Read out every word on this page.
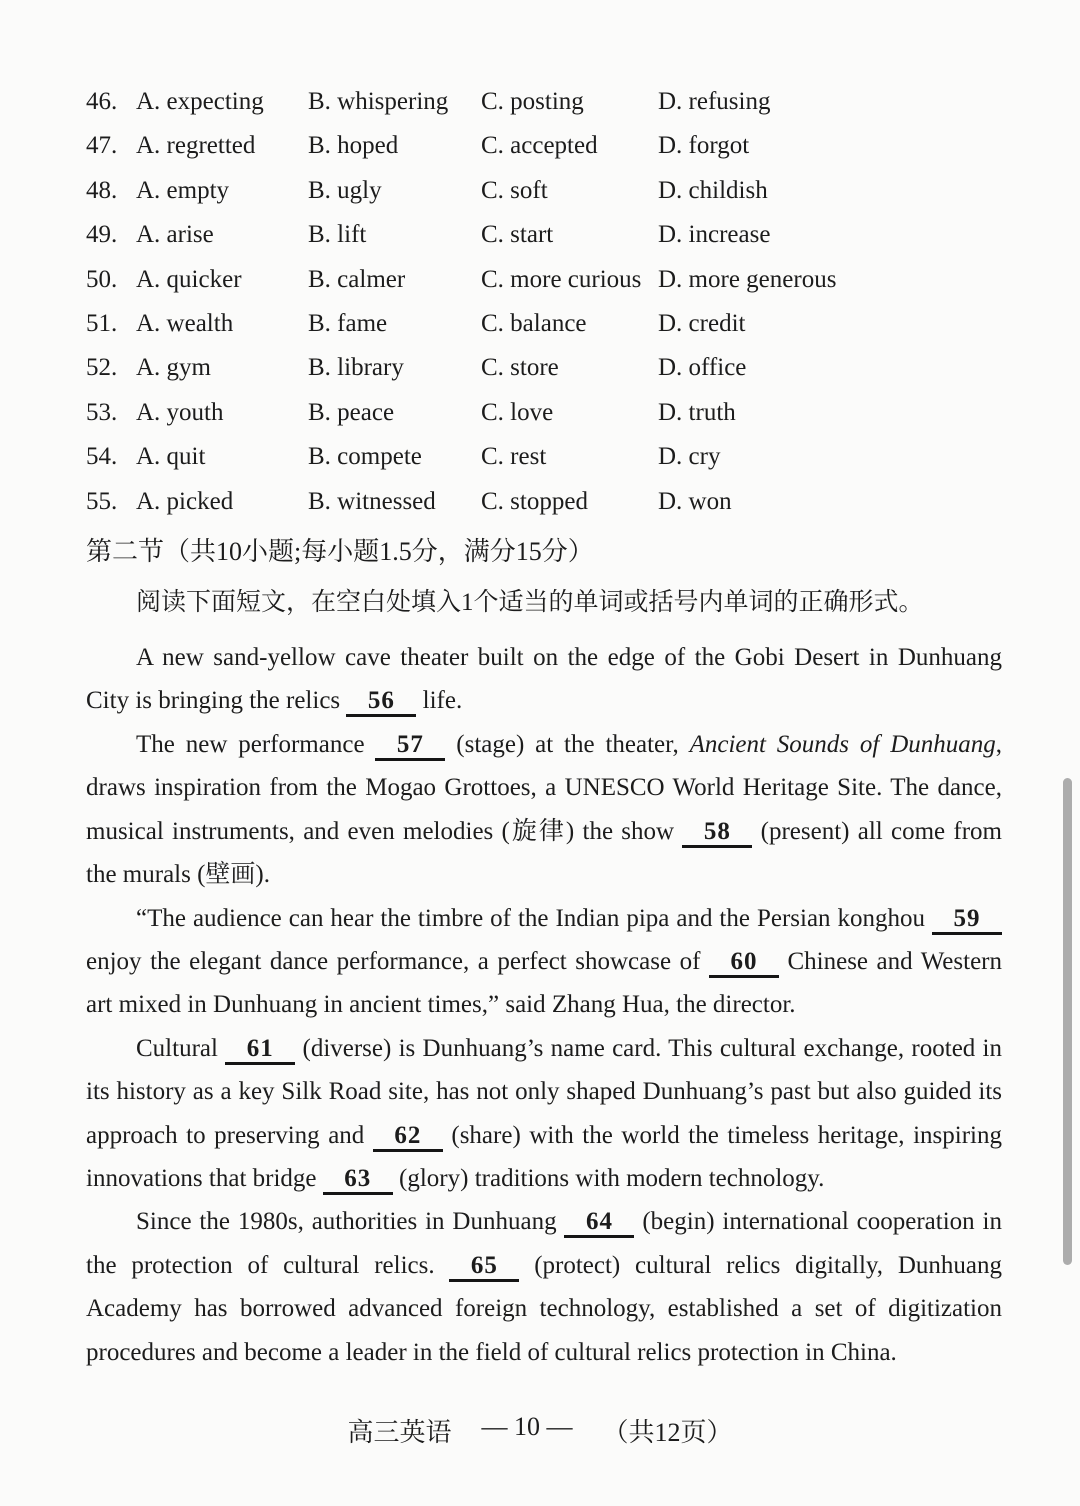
46. A. expecting	B. whispering	C. posting	D. refusing
47. A. regretted	B. hoped	C. accepted	D. forgot
48. A. empty	B. ugly	C. soft	D. childish
49. A. arise	B. lift	C. start	D. increase
50. A. quicker	B. calmer	C. more curious D. more generous
51. A. wealth	B. fame	C. balance	D. credit
52. A. gym	B. library	C. store	D. office
53. A. youth	B. peace	C. love	D. truth
54. A. quit	B. compete	C. rest	D. cry
55. A. picked	B. witnessed	C. stopped	D. won
第二节（共10小题;每小题1.5分，满分15分）
阅读下面短文，在空白处填入1个适当的单词或括号内单词的正确形式。

A new sand-yellow cave theater built on the edge of the Gobi Desert in Dunhuang City is bringing the relics 56 life.

The new performance 57 (stage) at the theater, Ancient Sounds of Dunhuang, draws inspiration from the Mogao Grottoes, a UNESCO World Heritage Site. The dance, musical instruments, and even melodies (旋律) the show 58 (present) all come from the murals (壁画).

“The audience can hear the timbre of the Indian pipa and the Persian konghou 59 enjoy the elegant dance performance, a perfect showcase of 60 Chinese and Western art mixed in Dunhuang in ancient times,” said Zhang Hua, the director.

Cultural 61 (diverse) is Dunhuang’s name card. This cultural exchange, rooted in its history as a key Silk Road site, has not only shaped Dunhuang’s past but also guided its approach to preserving and 62 (share) with the world the timeless heritage, inspiring innovations that bridge 63 (glory) traditions with modern technology.

Since the 1980s, authorities in Dunhuang 64 (begin) international cooperation in the protection of cultural relics. 65 (protect) cultural relics digitally, Dunhuang Academy has borrowed advanced foreign technology, established a set of digitization procedures and become a leader in the field of cultural relics protection in China.

高三英语 — 10 — （共12页）
